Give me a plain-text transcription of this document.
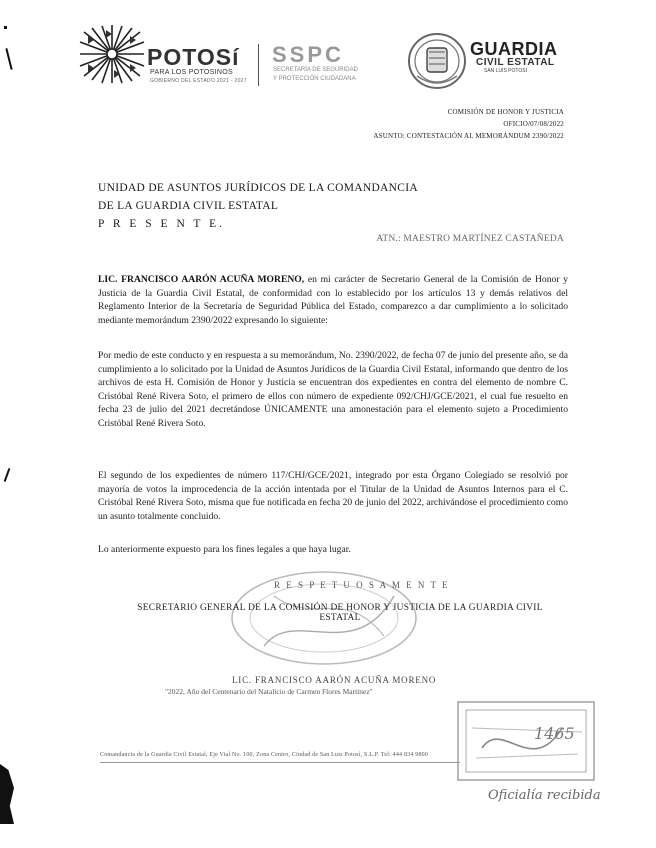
POTOSí
PARA LOS POTOSINOS
GOBIERNO DEL ESTADO 2021 - 2027
SSPC
SECRETARÍA DE SEGURIDAD
Y PROTECCIÓN CIUDADANA
GUARDIA
CIVIL ESTATAL
SAN LUIS POTOSÍ
COMISIÓN DE HONOR Y JUSTICIA
OFICIO/07/08/2022
ASUNTO: CONTESTACIÓN AL MEMORÁNDUM 2390/2022
UNIDAD DE ASUNTOS JURÍDICOS DE LA COMANDANCIA
DE LA GUARDIA CIVIL ESTATAL
P R E S E N T E.
ATN.: MAESTRO MARTÍNEZ CASTAÑEDA
LIC. FRANCISCO AARÓN ACUÑA MORENO, en mi carácter de Secretario General de la Comisión de Honor y Justicia de la Guardia Civil Estatal, de conformidad con lo establecido por los artículos 13 y demás relativos del Reglamento Interior de la Secretaría de Seguridad Pública del Estado, comparezco a dar cumplimiento a lo solicitado mediante memorándum 2390/2022 expresando lo siguiente:
Por medio de este conducto y en respuesta a su memorándum, No. 2390/2022, de fecha 07 de junio del presente año, se da cumplimiento a lo solicitado por la Unidad de Asuntos Jurídicos de la Guardia Civil Estatal, informando que dentro de los archivos de esta H. Comisión de Honor y Justicia se encuentran dos expedientes en contra del elemento de nombre C. Cristóbal René Rivera Soto, el primero de ellos con número de expediente 092/CHJ/GCE/2021, el cual fue resuelto en fecha 23 de julio del 2021 decretándose ÚNICAMENTE una amonestación para el elemento sujeto a Procedimiento Cristóbal René Rivera Soto.
El segundo de los expedientes de número 117/CHJ/GCE/2021, integrado por esta Órgano Colegiado se resolvió por mayoría de votos la improcedencia de la acción intentada por el Titular de la Unidad de Asuntos Internos para el C. Cristóbal René Rivera Soto, misma que fue notificada en fecha 20 de junio del 2022, archivándose el procedimiento como un asunto totalmente concluido.
Lo anteriormente expuesto para los fines legales a que haya lugar.
R E S P E T U O S A M E N T E
SECRETARIO GENERAL DE LA COMISIÓN DE HONOR Y JUSTICIA DE LA GUARDIA CIVIL ESTATAL
LIC. FRANCISCO AARÓN ACUÑA MORENO
"2022, Año del Centenario del Natalicio de Carmen Flores Martínez"
1465
Comandancia de la Guardia Civil Estatal, Eje Vial No. 100, Zona Centro, Ciudad de San Luis Potosí, S.L.P. Tel: 444 834 9800
Oficialía recibida
